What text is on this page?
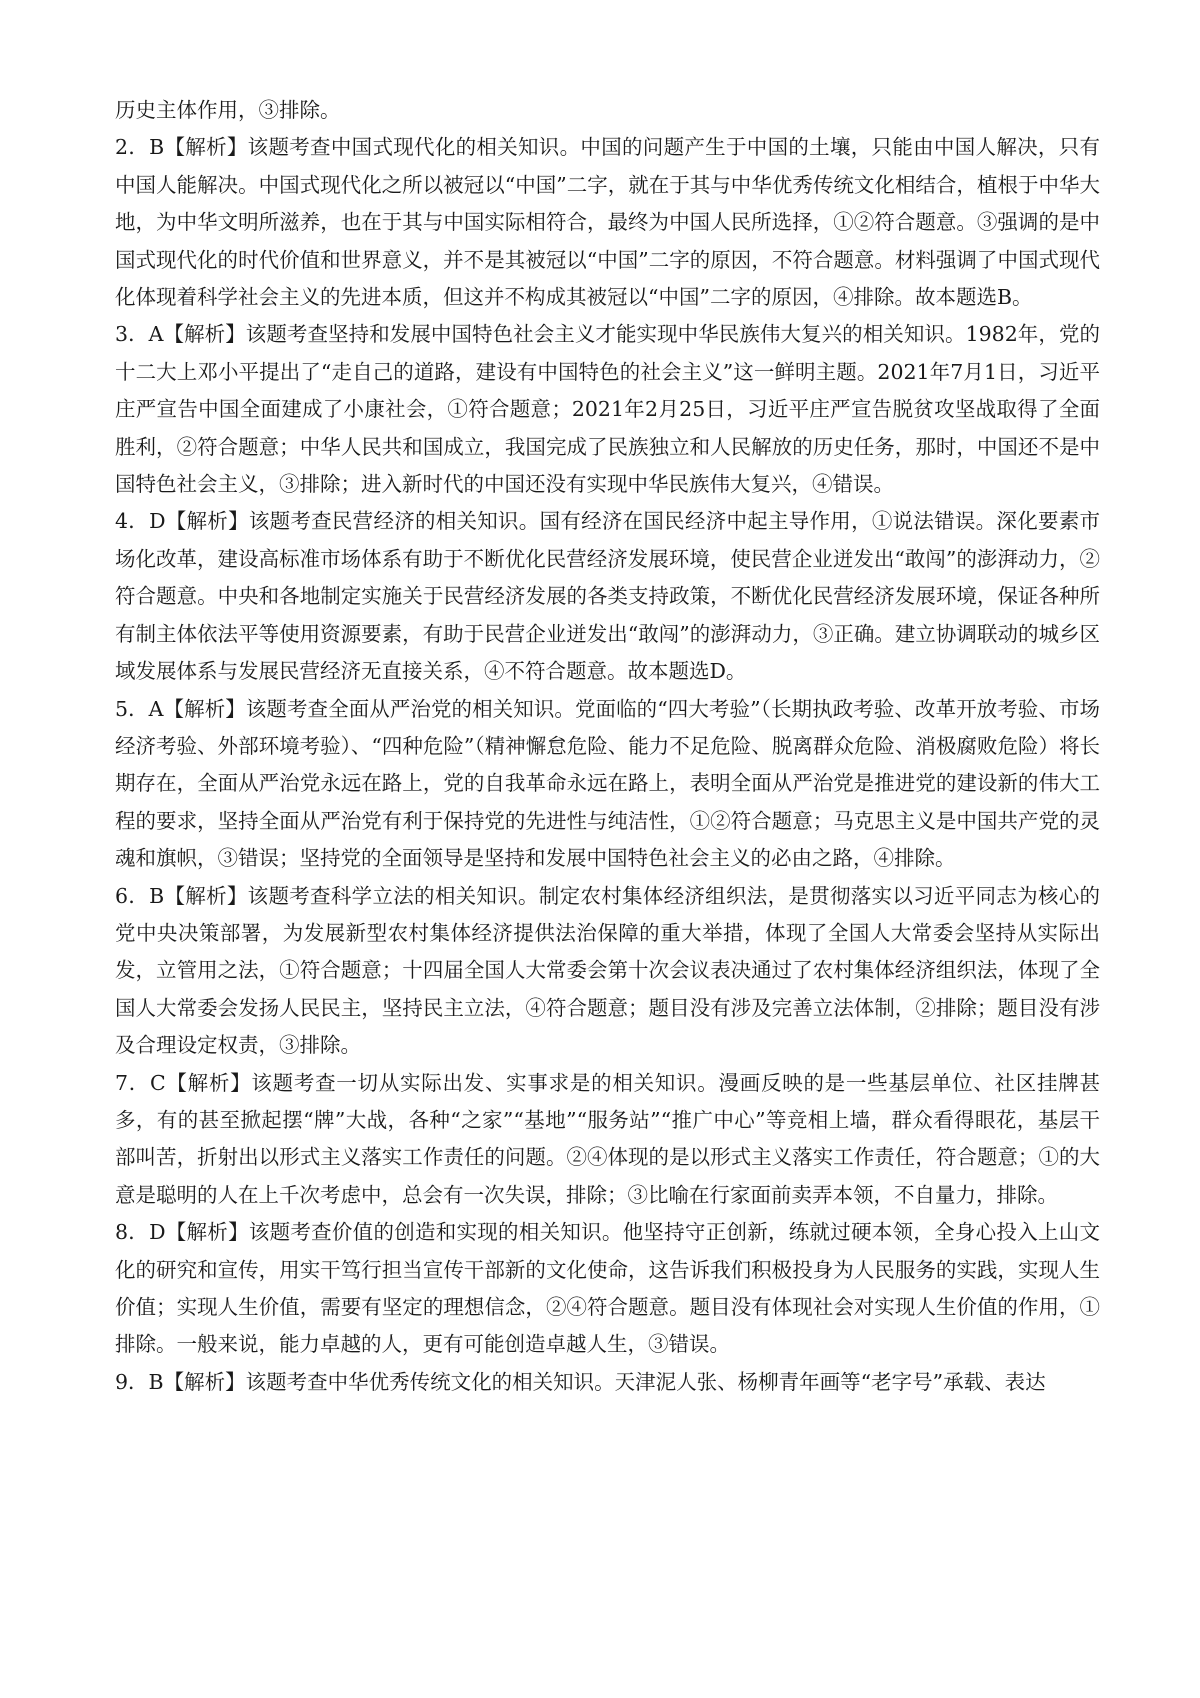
历史主体作用，③排除。

2．B【解析】该题考查中国式现代化的相关知识。中国的问题产生于中国的土壤，只能由中国人解决，只有中国人能解决。中国式现代化之所以被冠以“中国”二字，就在于其与中华优秀传统文化相结合，植根于中华大地，为中华文明所滋养，也在于其与中国实际相符合，最终为中国人民所选择，①②符合题意。③强调的是中国式现代化的时代价值和世界意义，并不是其被冠以“中国”二字的原因，不符合题意。材料强调了中国式现代化体现着科学社会主义的先进本质，但这并不构成其被冠以“中国”二字的原因，④排除。故本题选B。

3．A【解析】该题考查坚持和发展中国特色社会主义才能实现中华民族伟大复兴的相关知识。1982年，党的十二大上邓小平提出了“走自己的道路，建设有中国特色的社会主义”这一鲜明主题。2021年7月1日，习近平庄严宣告中国全面建成了小康社会，①符合题意；2021年2月25日，习近平庄严宣告脱贫攻坚战取得了全面胜利，②符合题意；中华人民共和国成立，我国完成了民族独立和人民解放的历史任务，那时，中国还不是中国特色社会主义，③排除；进入新时代的中国还没有实现中华民族伟大复兴，④错误。

4．D【解析】该题考查民营经济的相关知识。国有经济在国民经济中起主导作用，①说法错误。深化要素市场化改革，建设高标准市场体系有助于不断优化民营经济发展环境，使民营企业迸发出“敢闯”的澎湃动力，②符合题意。中央和各地制定实施关于民营经济发展的各类支持政策，不断优化民营经济发展环境，保证各种所有制主体依法平等使用资源要素，有助于民营企业迸发出“敢闯”的澎湃动力，③正确。建立协调联动的城乡区域发展体系与发展民营经济无直接关系，④不符合题意。故本题选D。

5．A【解析】该题考查全面从严治党的相关知识。党面临的“四大考验”（长期执政考验、改革开放考验、市场经济考验、外部环境考验）、“四种危险”（精神懈怠危险、能力不足危险、脱离群众危险、消极腐败危险）将长期存在，全面从严治党永远在路上，党的自我革命永远在路上，表明全面从严治党是推进党的建设新的伟大工程的要求，坚持全面从严治党有利于保持党的先进性与纯洁性，①②符合题意；马克思主义是中国共产党的灵魂和旗帜，③错误；坚持党的全面领导是坚持和发展中国特色社会主义的必由之路，④排除。

6．B【解析】该题考查科学立法的相关知识。制定农村集体经济组织法，是贯彻落实以习近平同志为核心的党中央决策部署，为发展新型农村集体经济提供法治保障的重大举措，体现了全国人大常委会坚持从实际出发，立管用之法，①符合题意；十四届全国人大常委会第十次会议表决通过了农村集体经济组织法，体现了全国人大常委会发扬人民民主，坚持民主立法，④符合题意；题目没有涉及完善立法体制，②排除；题目没有涉及合理设定权责，③排除。

7．C【解析】该题考查一切从实际出发、实事求是的相关知识。漫画反映的是一些基层单位、社区挂牌甚多，有的甚至掀起摆“牌”大战，各种“之家”“基地”“服务站”“推广中心”等竞相上墙，群众看得眼花，基层干部叫苦，折射出以形式主义落实工作责任的问题。②④体现的是以形式主义落实工作责任，符合题意；①的大意是聪明的人在上千次考虑中，总会有一次失误，排除；③比喻在行家面前卖弄本领，不自量力，排除。

8．D【解析】该题考查价值的创造和实现的相关知识。他坚持守正创新，练就过硬本领，全身心投入上山文化的研究和宣传，用实干笃行担当宣传干部新的文化使命，这告诉我们积极投身为人民服务的实践，实现人生价值；实现人生价值，需要有坚定的理想信念，②④符合题意。题目没有体现社会对实现人生价值的作用，①排除。一般来说，能力卓越的人，更有可能创造卓越人生，③错误。

9．B【解析】该题考查中华优秀传统文化的相关知识。天津泥人张、杨柳青年画等“老字号”承载、表达
